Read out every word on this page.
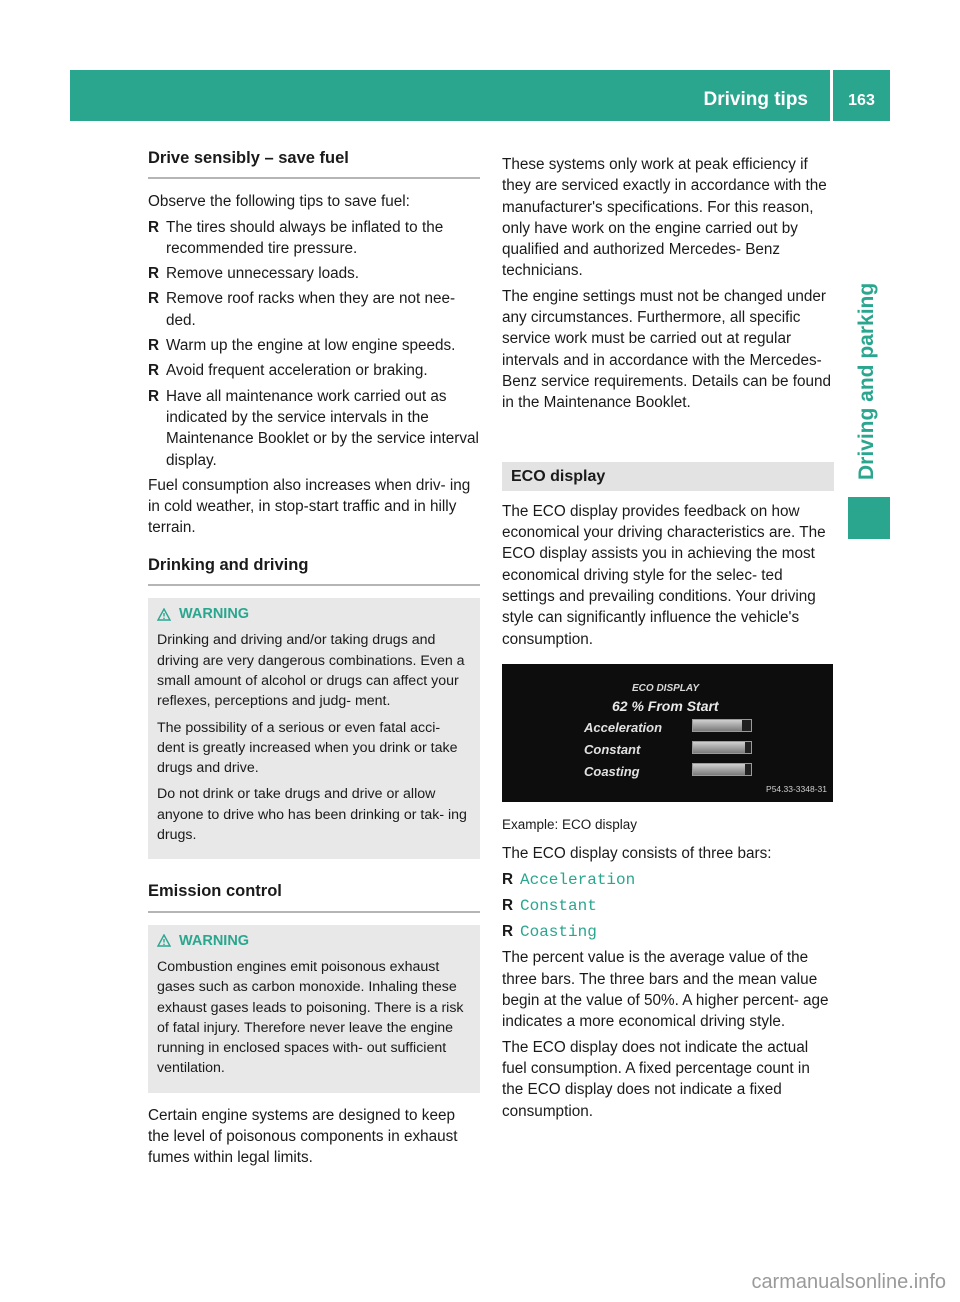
Driving tips	163
Driving and parking
Drive sensibly – save fuel

Observe the following tips to save fuel:

R The tires should always be inflated to the recommended tire pressure.
R Remove unnecessary loads.
R Remove roof racks when they are not nee- ded.
R Warm up the engine at low engine speeds.
R Avoid frequent acceleration or braking.
R Have all maintenance work carried out as indicated by the service intervals in the Maintenance Booklet or by the service interval display.

Fuel consumption also increases when driv- ing in cold weather, in stop-start traffic and in hilly terrain.

Drinking and driving
WARNING

Drinking and driving and/or taking drugs and driving are very dangerous combinations. Even a small amount of alcohol or drugs can affect your reflexes, perceptions and judg- ment.

The possibility of a serious or even fatal acci- dent is greatly increased when you drink or take drugs and drive.

Do not drink or take drugs and drive or allow anyone to drive who has been drinking or tak- ing drugs.

Emission control
WARNING

Combustion engines emit poisonous exhaust gases such as carbon monoxide. Inhaling these exhaust gases leads to poisoning. There is a risk of fatal injury. Therefore never leave the engine running in enclosed spaces with- out sufficient ventilation.

Certain engine systems are designed to keep the level of poisonous components in exhaust fumes within legal limits.

These systems only work at peak efficiency if they are serviced exactly in accordance with the manufacturer's specifications. For this reason, only have work on the engine carried out by qualified and authorized Mercedes- Benz technicians.

The engine settings must not be changed under any circumstances. Furthermore, all specific service work must be carried out at regular intervals and in accordance with the Mercedes-Benz service requirements. Details can be found in the Maintenance Booklet.

ECO display

The ECO display provides feedback on how economical your driving characteristics are. The ECO display assists you in achieving the most economical driving style for the selec- ted settings and prevailing conditions. Your driving style can significantly influence the vehicle's consumption.

ECO DISPLAY
62 % From Start
Acceleration
Constant
Coasting
P54.33-3348-31
Example: ECO display

The ECO display consists of three bars:

R Acceleration
R Constant
R Coasting

The percent value is the average value of the three bars. The three bars and the mean value begin at the value of 50%. A higher percent- age indicates a more economical driving style.

The ECO display does not indicate the actual fuel consumption. A fixed percentage count in the ECO display does not indicate a fixed consumption.

carmanualsonline.info
